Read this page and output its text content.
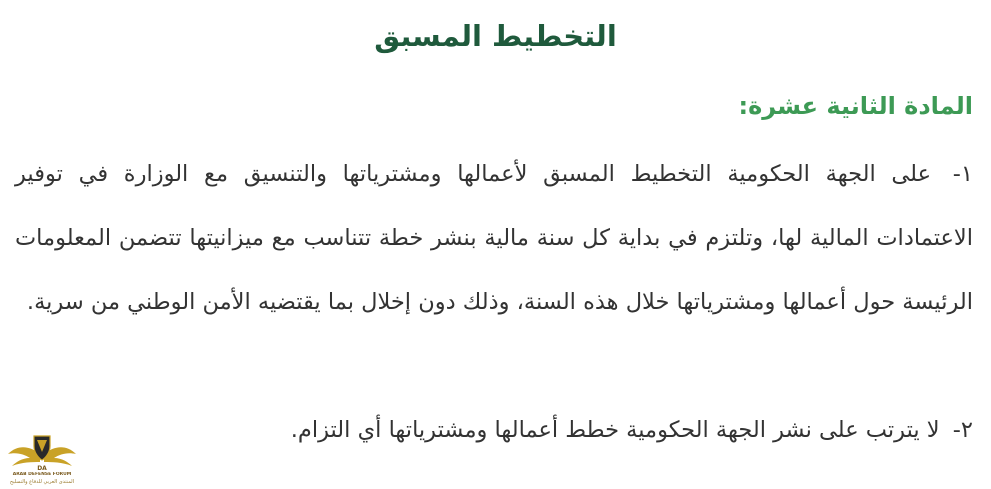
التخطيط المسبق
المادة الثانية عشرة:

١- على الجهة الحكومية التخطيط المسبق لأعمالها ومشترياتها والتنسيق مع الوزارة في توفير الاعتمادات المالية لها، وتلتزم في بداية كل سنة مالية بنشر خطة تتناسب مع ميزانيتها تتضمن المعلومات الرئيسة حول أعمالها ومشترياتها خلال هذه السنة، وذلك دون إخلال بما يقتضيه الأمن الوطني من سرية.

٢- لا يترتب على نشر الجهة الحكومية خطط أعمالها ومشترياتها أي التزام.

DA
ARAB DEFENSE FORUM
المنتدى العربي للدفاع والتسليح
